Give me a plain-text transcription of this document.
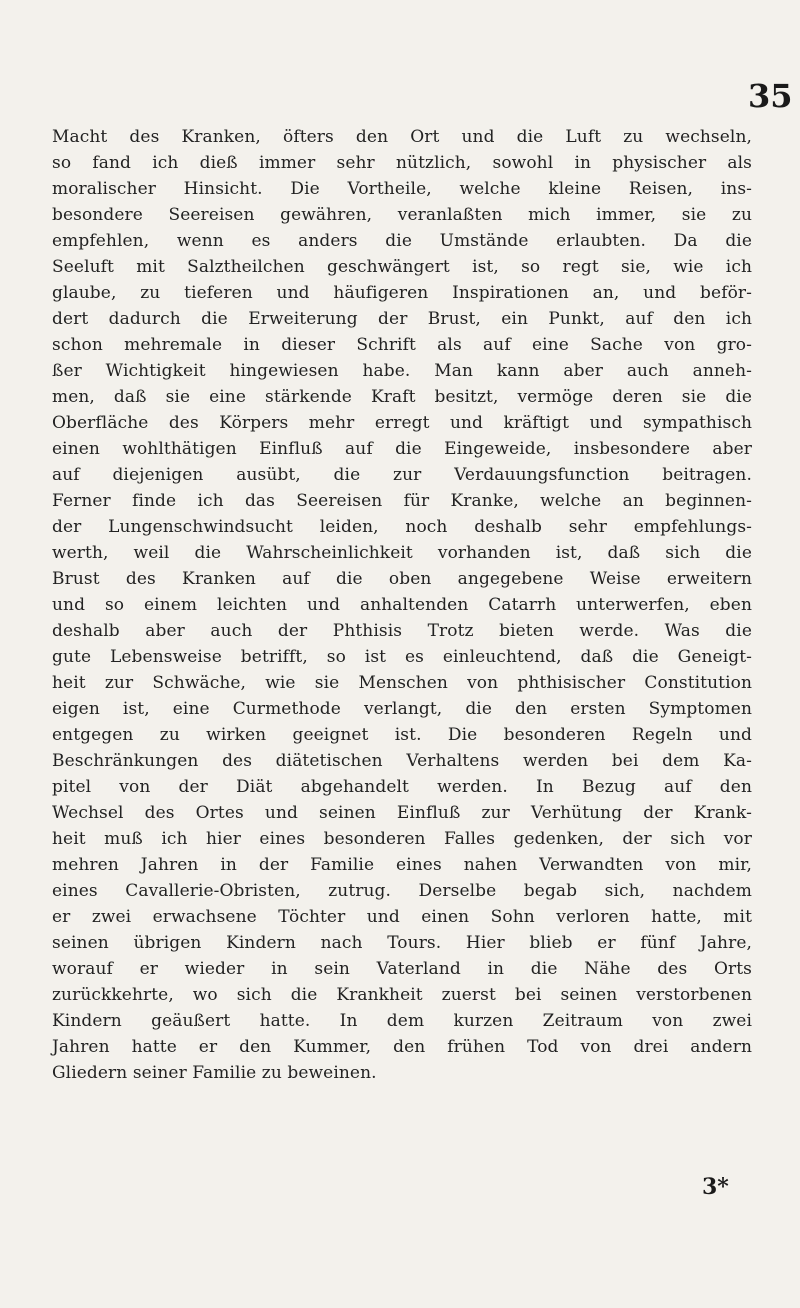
35
Macht des Kranken, öfters den Ort und die Luft zu wechseln,
so fand ich dieß immer sehr nützlich, sowohl in physischer als
moralischer Hinsicht. Die Vortheile, welche kleine Reisen, ins-
besondere Seereisen gewähren, veranlaßten mich immer, sie zu
empfehlen, wenn es anders die Umstände erlaubten. Da die
Seeluft mit Salztheilchen geschwängert ist, so regt sie, wie ich
glaube, zu tieferen und häufigeren Inspirationen an, und beför-
dert dadurch die Erweiterung der Brust, ein Punkt, auf den ich
schon mehremale in dieser Schrift als auf eine Sache von gro-
ßer Wichtigkeit hingewiesen habe. Man kann aber auch anneh-
men, daß sie eine stärkende Kraft besitzt, vermöge deren sie die
Oberfläche des Körpers mehr erregt und kräftigt und sympathisch
einen wohlthätigen Einfluß auf die Eingeweide, insbesondere aber
auf diejenigen ausübt, die zur Verdauungsfunction beitragen.
Ferner finde ich das Seereisen für Kranke, welche an beginnen-
der Lungenschwindsucht leiden, noch deshalb sehr empfehlungs-
werth, weil die Wahrscheinlichkeit vorhanden ist, daß sich die
Brust des Kranken auf die oben angegebene Weise erweitern
und so einem leichten und anhaltenden Catarrh unterwerfen, eben
deshalb aber auch der Phthisis Trotz bieten werde. Was die
gute Lebensweise betrifft, so ist es einleuchtend, daß die Geneigt-
heit zur Schwäche, wie sie Menschen von phthisischer Constitution
eigen ist, eine Curmethode verlangt, die den ersten Symptomen
entgegen zu wirken geeignet ist. Die besonderen Regeln und
Beschränkungen des diätetischen Verhaltens werden bei dem Ka-
pitel von der Diät abgehandelt werden. In Bezug auf den
Wechsel des Ortes und seinen Einfluß zur Verhütung der Krank-
heit muß ich hier eines besonderen Falles gedenken, der sich vor
mehren Jahren in der Familie eines nahen Verwandten von mir,
eines Cavallerie-Obristen, zutrug. Derselbe begab sich, nachdem
er zwei erwachsene Töchter und einen Sohn verloren hatte, mit
seinen übrigen Kindern nach Tours. Hier blieb er fünf Jahre,
worauf er wieder in sein Vaterland in die Nähe des Orts
zurückkehrte, wo sich die Krankheit zuerst bei seinen verstorbenen
Kindern geäußert hatte. In dem kurzen Zeitraum von zwei
Jahren hatte er den Kummer, den frühen Tod von drei andern
Gliedern seiner Familie zu beweinen.
3*
